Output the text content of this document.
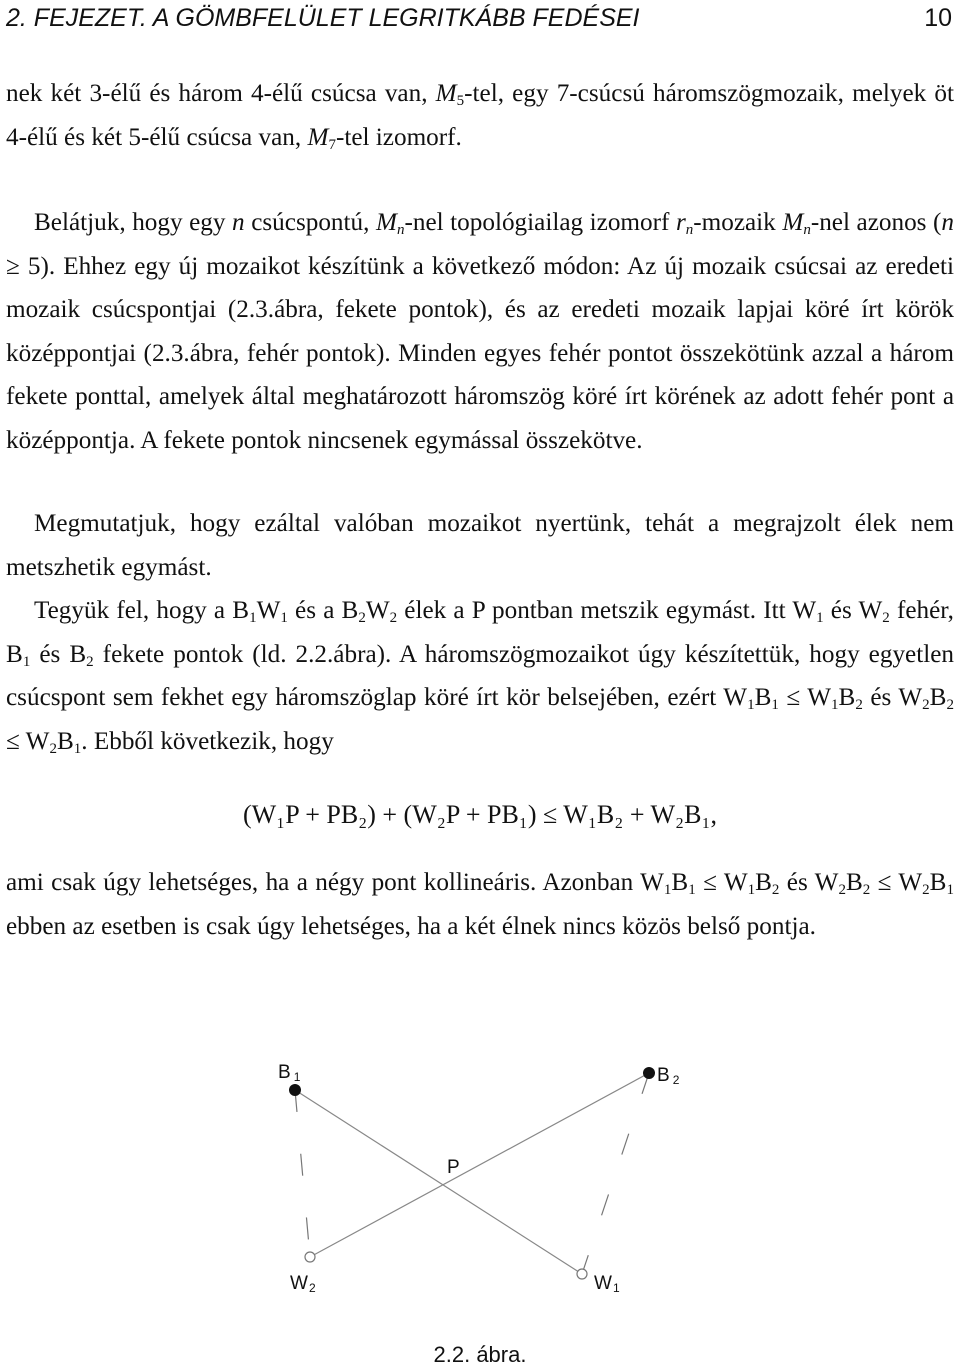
2. FEJEZET. A GÖMBFELÜLET LEGRITKÁBB FEDÉSEI	10

nek két 3-élű és három 4-élű csúcsa van, $M_5$-tel, egy 7-csúcsú háromszögmozaik, melyek öt 4-élű és két 5-élű csúcsa van, $M_7$-tel izomorf.

Belátjuk, hogy egy n csúcspontú, $M_n$-nel topológiailag izomorf $r_n$-mozaik $M_n$-nel azonos (n ≥ 5). Ehhez egy új mozaikot készítünk a következő módon: Az új mozaik csúcsai az eredeti mozaik csúcspontjai (2.3.ábra, fekete pontok), és az eredeti mozaik lapjai köré írt körök középpontjai (2.3.ábra, fehér pontok). Minden egyes fehér pontot összekötünk azzal a három fekete ponttal, amelyek által meghatározott háromszög köré írt körének az adott fehér pont a középpontja. A fekete pontok nincsenek egymással összekötve.

Megmutatjuk, hogy ezáltal valóban mozaikot nyertünk, tehát a megrajzolt élek nem metszhetik egymást.

Tegyük fel, hogy a $B_1W_1$ és a $B_2W_2$ élek a P pontban metszik egymást. Itt $W_1$ és $W_2$ fehér, $B_1$ és $B_2$ fekete pontok (ld. 2.2.ábra). A háromszögmozaikot úgy készítettük, hogy egyetlen csúcspont sem fekhet egy háromszöglap köré írt kör belsejében, ezért $W_1B_1 \le W_1B_2$ és $W_2B_2 \le W_2B_1$. Ebből következik, hogy

(W₁P + PB₂) + (W₂P + PB₁) ≤ W₁B₂ + W₂B₁,

ami csak úgy lehetséges, ha a négy pont kollineáris. Azonban $W_1B_1 \le W_1B_2$ és $W_2B_2 \le W_2B_1$ ebben az esetben is csak úgy lehetséges, ha a két élnek nincs közös belső pontja.

B 1	B 2
P
W2	W1
2.2. ábra.
